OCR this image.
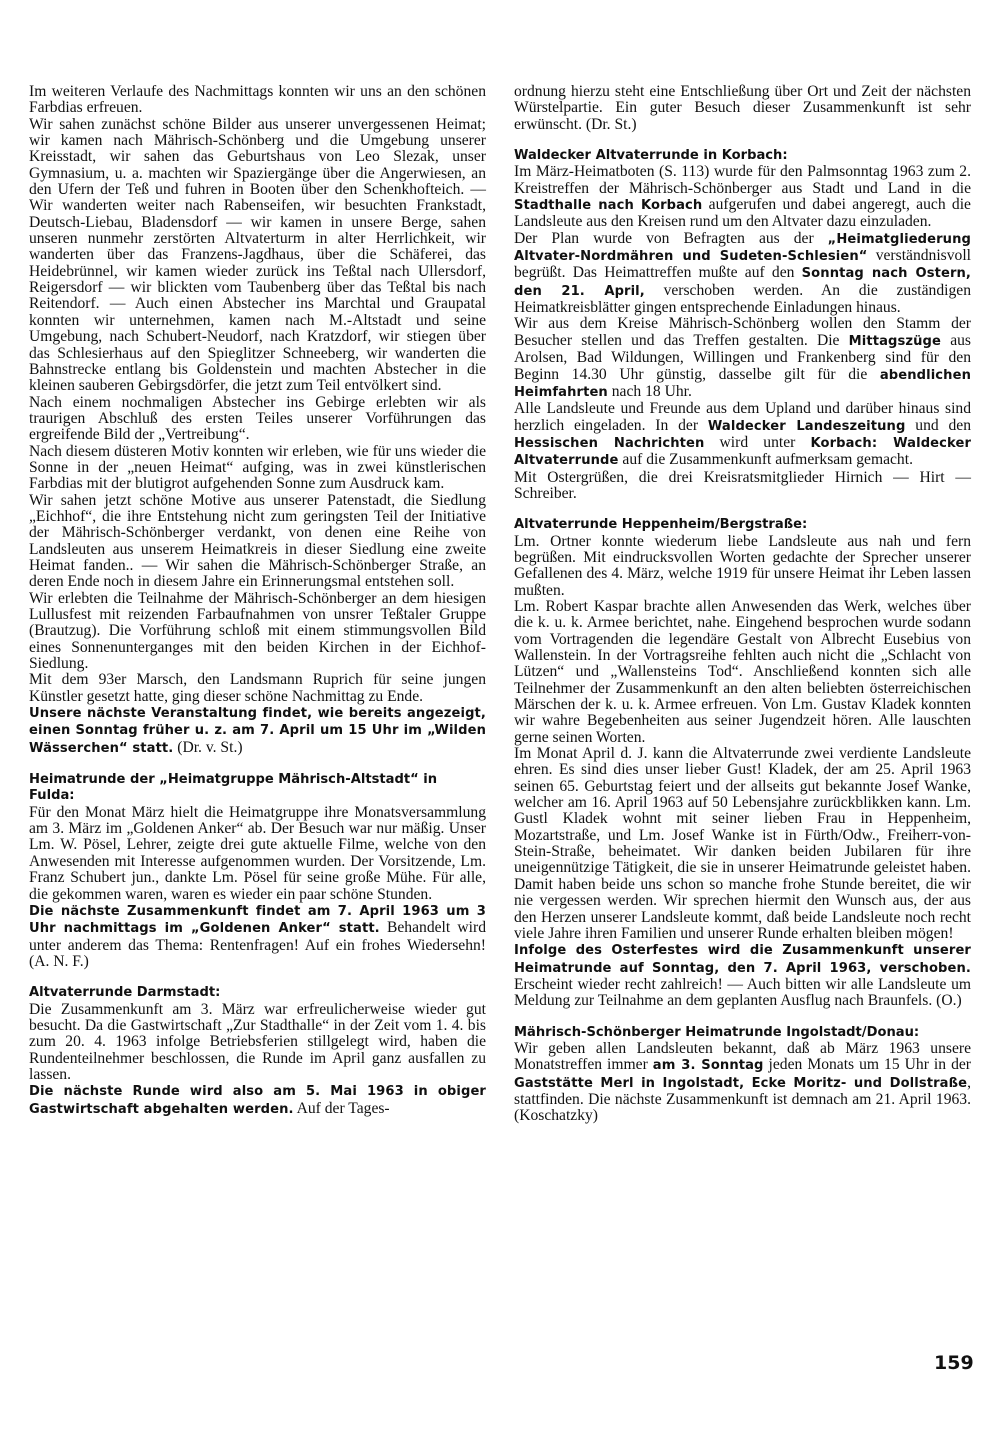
Im weiteren Verlaufe des Nachmittags konnten wir uns an den schönen Farbdias erfreuen.

Wir sahen zunächst schöne Bilder aus unserer unvergessenen Heimat; wir kamen nach Mährisch-Schönberg und die Umgebung unserer Kreisstadt, wir sahen das Geburtshaus von Leo Slezak, unser Gymnasium, u. a. machten wir Spaziergänge über die Angerwiesen, an den Ufern der Teß und fuhren in Booten über den Schenkhofteich. — Wir wanderten weiter nach Rabenseifen, wir besuchten Frankstadt, Deutsch-Liebau, Bladensdorf — wir kamen in unsere Berge, sahen unseren nunmehr zerstörten Altvaterturm in alter Herrlichkeit, wir wanderten über das Franzens-Jagdhaus, über die Schäferei, das Heidebrünnel, wir kamen wieder zurück ins Teßtal nach Ullersdorf, Reigersdorf — wir blickten vom Taubenberg über das Teßtal bis nach Reitendorf. — Auch einen Abstecher ins Marchtal und Graupatal konnten wir unternehmen, kamen nach M.-Altstadt und seine Umgebung, nach Schubert-Neudorf, nach Kratzdorf, wir stiegen über das Schlesierhaus auf den Spieglitzer Schneeberg, wir wanderten die Bahnstrecke entlang bis Goldenstein und machten Abstecher in die kleinen sauberen Gebirgsdörfer, die jetzt zum Teil entvölkert sind.

Nach einem nochmaligen Abstecher ins Gebirge erlebten wir als traurigen Abschluß des ersten Teiles unserer Vorführungen das ergreifende Bild der „Vertreibung“.

Nach diesem düsteren Motiv konnten wir erleben, wie für uns wieder die Sonne in der „neuen Heimat“ aufging, was in zwei künstlerischen Farbdias mit der blutigrot aufgehenden Sonne zum Ausdruck kam.

Wir sahen jetzt schöne Motive aus unserer Patenstadt, die Siedlung „Eichhof“, die ihre Entstehung nicht zum geringsten Teil der Initiative der Mährisch-Schönberger verdankt, von denen eine Reihe von Landsleuten aus unserem Heimatkreis in dieser Siedlung eine zweite Heimat fanden.. — Wir sahen die Mährisch-Schönberger Straße, an deren Ende noch in diesem Jahre ein Erinnerungsmal entstehen soll.

Wir erlebten die Teilnahme der Mährisch-Schönberger an dem hiesigen Lullusfest mit reizenden Farbaufnahmen von unsrer Teßtaler Gruppe (Brautzug). Die Vorführung schloß mit einem stimmungsvollen Bild eines Sonnenunterganges mit den beiden Kirchen in der Eichhof-Siedlung.

Mit dem 93er Marsch, den Landsmann Ruprich für seine jungen Künstler gesetzt hatte, ging dieser schöne Nachmittag zu Ende.

Unsere nächste Veranstaltung findet, wie bereits angezeigt, einen Sonntag früher u. z. am 7. April um 15 Uhr im „Wilden Wässerchen“ statt. (Dr. v. St.)

Heimatrunde der „Heimatgruppe Mährisch-Altstadt“ in Fulda:

Für den Monat März hielt die Heimatgruppe ihre Monatsversammlung am 3. März im „Goldenen Anker“ ab. Der Besuch war nur mäßig. Unser Lm. W. Pösel, Lehrer, zeigte drei gute aktuelle Filme, welche von den Anwesenden mit Interesse aufgenommen wurden. Der Vorsitzende, Lm. Franz Schubert jun., dankte Lm. Pösel für seine große Mühe. Für alle, die gekommen waren, waren es wieder ein paar schöne Stunden.

Die nächste Zusammenkunft findet am 7. April 1963 um 3 Uhr nachmittags im „Goldenen Anker“ statt. Behandelt wird unter anderem das Thema: Rentenfragen! Auf ein frohes Wiedersehn! (A. N. F.)

Altvaterrunde Darmstadt:

Die Zusammenkunft am 3. März war erfreulicherweise wieder gut besucht. Da die Gastwirtschaft „Zur Stadthalle“ in der Zeit vom 1. 4. bis zum 20. 4. 1963 infolge Betriebsferien stillgelegt wird, haben die Rundenteilnehmer beschlossen, die Runde im April ganz ausfallen zu lassen.

Die nächste Runde wird also am 5. Mai 1963 in obiger Gastwirtschaft abgehalten werden. Auf der Tages-

ordnung hierzu steht eine Entschließung über Ort und Zeit der nächsten Würstelpartie. Ein guter Besuch dieser Zusammenkunft ist sehr erwünscht. (Dr. St.)

Waldecker Altvaterrunde in Korbach:

Im März-Heimatboten (S. 113) wurde für den Palmsonntag 1963 zum 2. Kreistreffen der Mährisch-Schönberger aus Stadt und Land in die Stadthalle nach Korbach aufgerufen und dabei angeregt, auch die Landsleute aus den Kreisen rund um den Altvater dazu einzuladen.

Der Plan wurde von Befragten aus der „Heimatgliederung Altvater-Nordmähren und Sudeten-Schlesien“ verständnisvoll begrüßt. Das Heimattreffen mußte auf den Sonntag nach Ostern, den 21. April, verschoben werden. An die zuständigen Heimatkreisblätter gingen entsprechende Einladungen hinaus.

Wir aus dem Kreise Mährisch-Schönberg wollen den Stamm der Besucher stellen und das Treffen gestalten. Die Mittagszüge aus Arolsen, Bad Wildungen, Willingen und Frankenberg sind für den Beginn 14.30 Uhr günstig, dasselbe gilt für die abendlichen Heimfahrten nach 18 Uhr.

Alle Landsleute und Freunde aus dem Upland und darüber hinaus sind herzlich eingeladen. In der Waldecker Landeszeitung und den Hessischen Nachrichten wird unter Korbach: Waldecker Altvaterrunde auf die Zusammenkunft aufmerksam gemacht.

Mit Ostergrüßen, die drei Kreisratsmitglieder Hirnich — Hirt — Schreiber.

Altvaterrunde Heppenheim/Bergstraße:

Lm. Ortner konnte wiederum liebe Landsleute aus nah und fern begrüßen. Mit eindrucksvollen Worten gedachte der Sprecher unserer Gefallenen des 4. März, welche 1919 für unsere Heimat ihr Leben lassen mußten.

Lm. Robert Kaspar brachte allen Anwesenden das Werk, welches über die k. u. k. Armee berichtet, nahe. Eingehend besprochen wurde sodann vom Vortragenden die legendäre Gestalt von Albrecht Eusebius von Wallenstein. In der Vortragsreihe fehlten auch nicht die „Schlacht von Lützen“ und „Wallensteins Tod“. Anschließend konnten sich alle Teilnehmer der Zusammenkunft an den alten beliebten österreichischen Märschen der k. u. k. Armee erfreuen. Von Lm. Gustav Kladek konnten wir wahre Begebenheiten aus seiner Jugendzeit hören. Alle lauschten gerne seinen Worten.

Im Monat April d. J. kann die Altvaterrunde zwei verdiente Landsleute ehren. Es sind dies unser lieber Gust! Kladek, der am 25. April 1963 seinen 65. Geburtstag feiert und der allseits gut bekannte Josef Wanke, welcher am 16. April 1963 auf 50 Lebensjahre zurückblikken kann. Lm. Gustl Kladek wohnt mit seiner lieben Frau in Heppenheim, Mozartstraße, und Lm. Josef Wanke ist in Fürth/Odw., Freiherr-von-Stein-Straße, beheimatet. Wir danken beiden Jubilaren für ihre uneigennützige Tätigkeit, die sie in unserer Heimatrunde geleistet haben. Damit haben beide uns schon so manche frohe Stunde bereitet, die wir nie vergessen werden. Wir sprechen hiermit den Wunsch aus, der aus den Herzen unserer Landsleute kommt, daß beide Landsleute noch recht viele Jahre ihren Familien und unserer Runde erhalten bleiben mögen!

Infolge des Osterfestes wird die Zusammenkunft unserer Heimatrunde auf Sonntag, den 7. April 1963, verschoben. Erscheint wieder recht zahlreich! — Auch bitten wir alle Landsleute um Meldung zur Teilnahme an dem geplanten Ausflug nach Braunfels. (O.)

Mährisch-Schönberger Heimatrunde Ingolstadt/Donau:

Wir geben allen Landsleuten bekannt, daß ab März 1963 unsere Monatstreffen immer am 3. Sonntag jeden Monats um 15 Uhr in der Gaststätte Merl in Ingolstadt, Ecke Moritz- und Dollstraße, stattfinden. Die nächste Zusammenkunft ist demnach am 21. April 1963. (Koschatzky)

159
